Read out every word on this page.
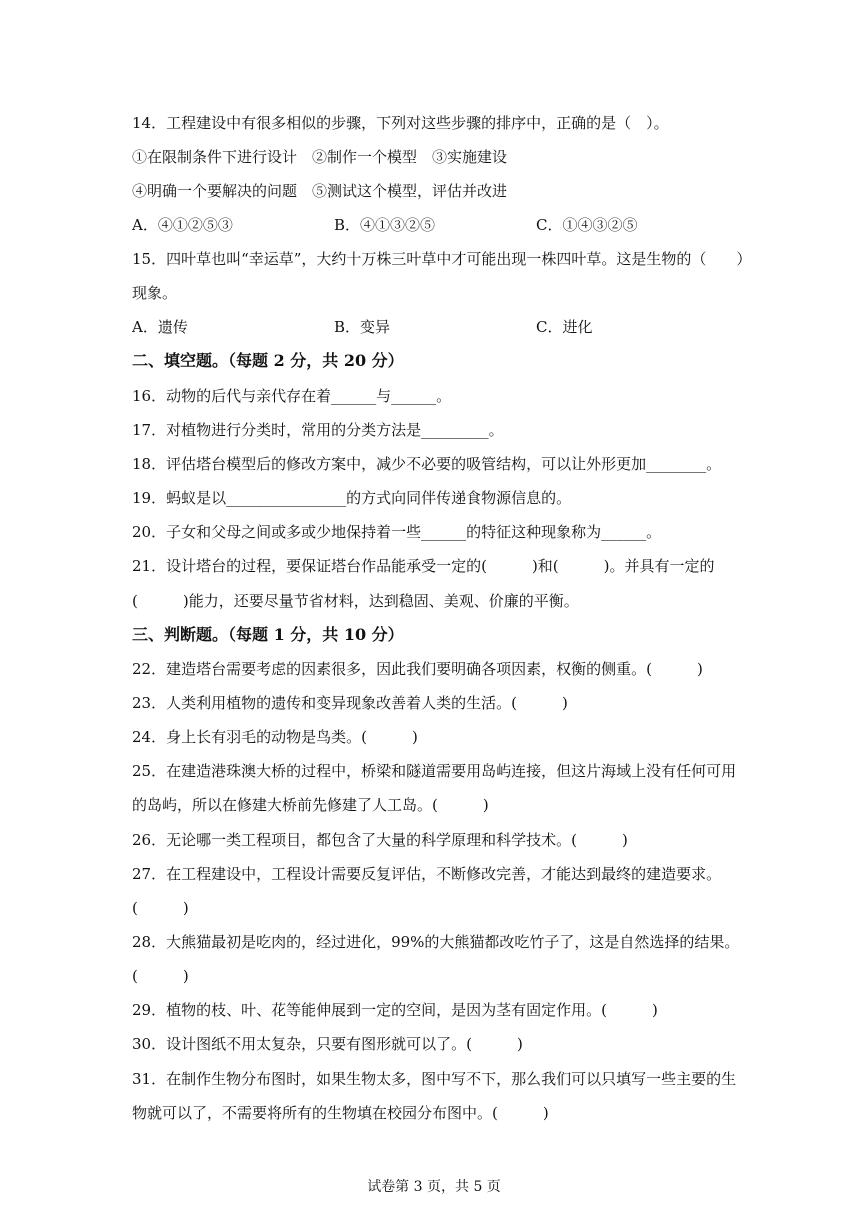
14．工程建设中有很多相似的步骤，下列对这些步骤的排序中，正确的是（　）。
①在限制条件下进行设计　②制作一个模型　③实施建设
④明确一个要解决的问题　⑤测试这个模型，评估并改进
A．④①②⑤③	B．④①③②⑤	C．①④③②⑤
15．四叶草也叫“幸运草”，大约十万株三叶草中才可能出现一株四叶草。这是生物的（　　）
现象。
A．遗传	B．变异	C．进化
二、填空题。（每题 2 分，共 20 分）
16．动物的后代与亲代存在着______与______。
17．对植物进行分类时，常用的分类方法是_________。
18．评估塔台模型后的修改方案中，减少不必要的吸管结构，可以让外形更加________。
19．蚂蚁是以________________的方式向同伴传递食物源信息的。
20．子女和父母之间或多或少地保持着一些______的特征这种现象称为______。
21．设计塔台的过程，要保证塔台作品能承受一定的(　　　)和(　　　)。并具有一定的
(　　　)能力，还要尽量节省材料，达到稳固、美观、价廉的平衡。
三、判断题。（每题 1 分，共 10 分）
22．建造塔台需要考虑的因素很多，因此我们要明确各项因素，权衡的侧重。(　　　)
23．人类利用植物的遗传和变异现象改善着人类的生活。(　　　)
24．身上长有羽毛的动物是鸟类。(　　　)
25．在建造港珠澳大桥的过程中，桥梁和隧道需要用岛屿连接，但这片海域上没有任何可用
的岛屿，所以在修建大桥前先修建了人工岛。(　　　)
26．无论哪一类工程项目，都包含了大量的科学原理和科学技术。(　　　)
27．在工程建设中，工程设计需要反复评估，不断修改完善，才能达到最终的建造要求。
(　　　)
28．大熊猫最初是吃肉的，经过进化，99%的大熊猫都改吃竹子了，这是自然选择的结果。
(　　　)
29．植物的枝、叶、花等能伸展到一定的空间，是因为茎有固定作用。(　　　)
30．设计图纸不用太复杂，只要有图形就可以了。(　　　)
31．在制作生物分布图时，如果生物太多，图中写不下，那么我们可以只填写一些主要的生
物就可以了，不需要将所有的生物填在校园分布图中。(　　　)
试卷第 3 页，共 5 页
